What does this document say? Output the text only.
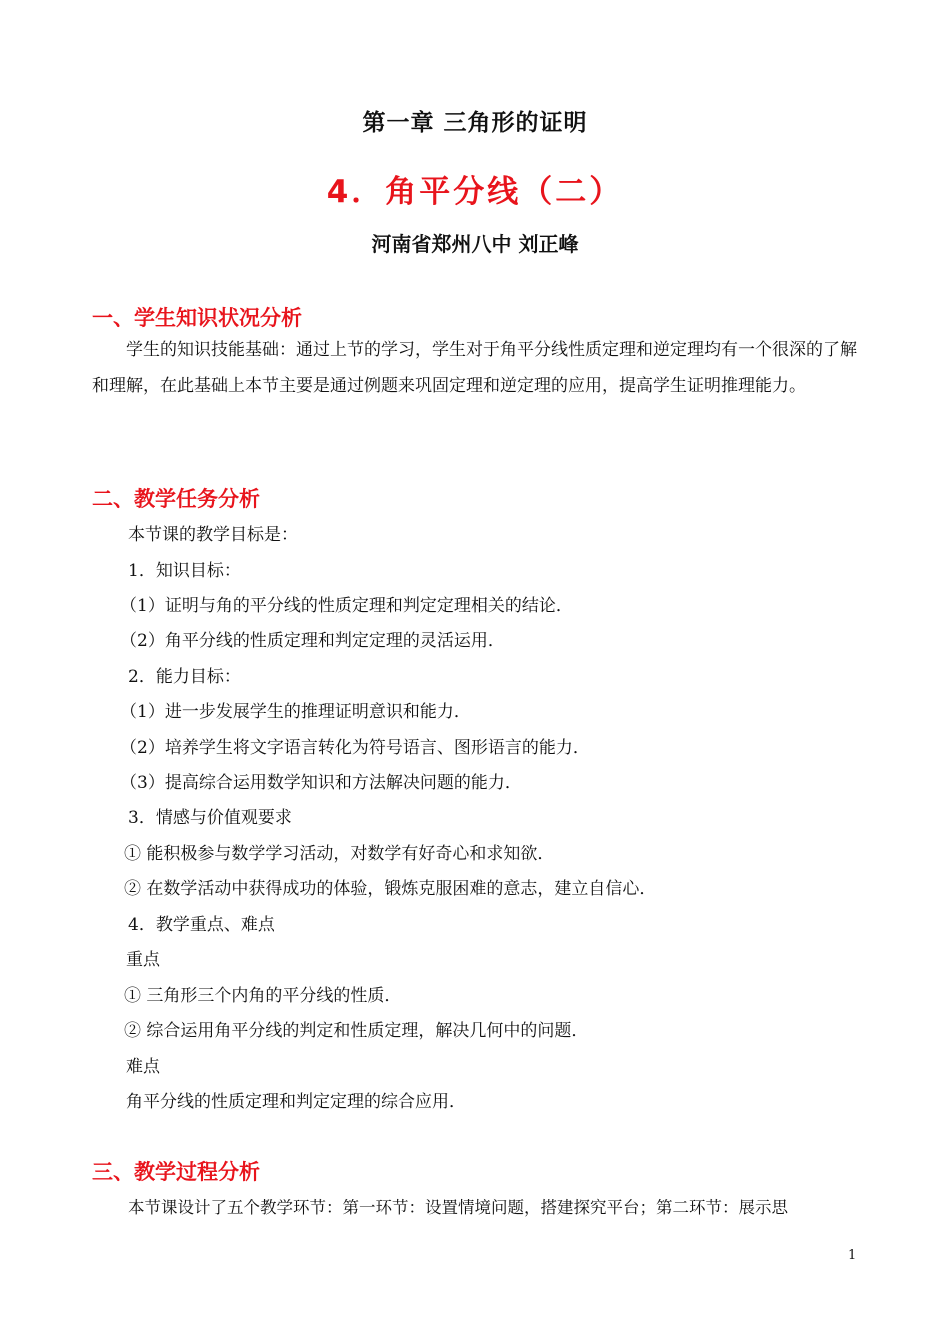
第一章 三角形的证明
4．角平分线（二）
河南省郑州八中 刘正峰
一、学生知识状况分析
学生的知识技能基础：通过上节的学习，学生对于角平分线性质定理和逆定理均有一个很深的了解和理解，在此基础上本节主要是通过例题来巩固定理和逆定理的应用，提高学生证明推理能力。
二、教学任务分析
本节课的教学目标是：
1．知识目标：
（1）证明与角的平分线的性质定理和判定定理相关的结论．
（2）角平分线的性质定理和判定定理的灵活运用．
2．能力目标：
（1）进一步发展学生的推理证明意识和能力．
（2）培养学生将文字语言转化为符号语言、图形语言的能力．
（3）提高综合运用数学知识和方法解决问题的能力．
3．情感与价值观要求
① 能积极参与数学学习活动，对数学有好奇心和求知欲．
② 在数学活动中获得成功的体验，锻炼克服困难的意志，建立自信心．
4．教学重点、难点
重点
① 三角形三个内角的平分线的性质．
② 综合运用角平分线的判定和性质定理，解决几何中的问题．
难点
角平分线的性质定理和判定定理的综合应用．
三、教学过程分析
本节课设计了五个教学环节：第一环节：设置情境问题，搭建探究平台；第二环节：展示思
1
